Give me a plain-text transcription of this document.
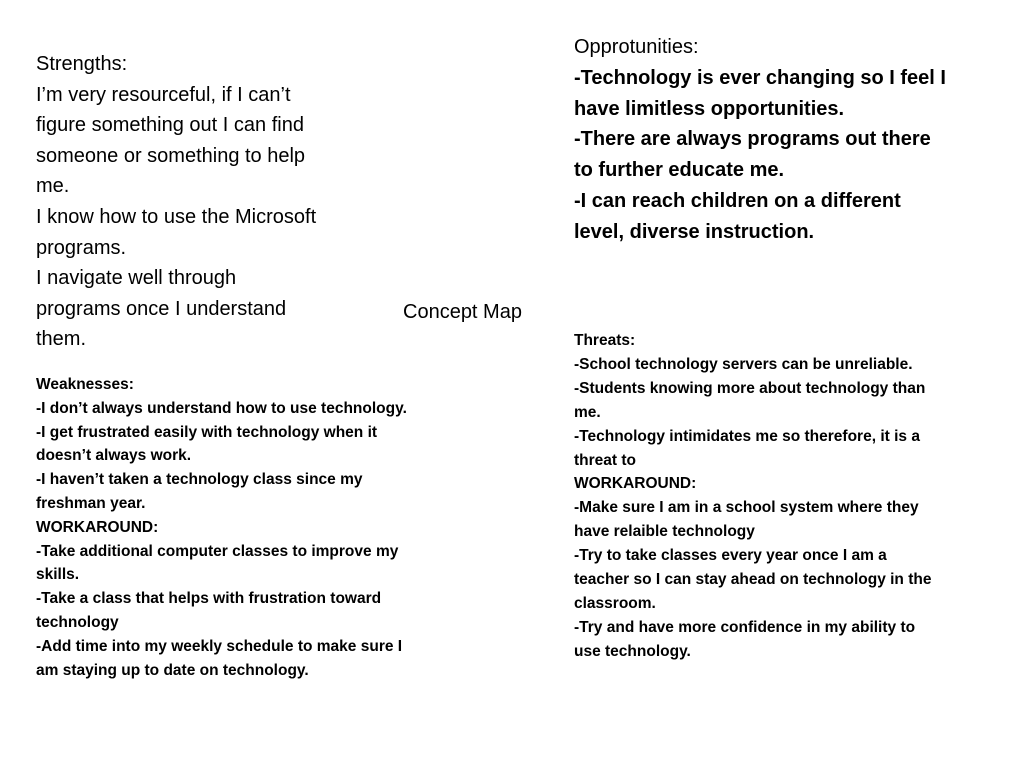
Strengths:
I’m very resourceful, if I can’t
figure something out I can find
someone or something to help
me.
I know how to use the Microsoft
programs.
I navigate well through
programs once I understand
them.
Opprotunities:
-Technology is ever changing so I feel I
have limitless opportunities.
-There are always programs out there
to further educate me.
-I can reach children on a different
level, diverse instruction.
Concept Map
Weaknesses:
-I don’t always understand how to use technology.
-I get frustrated easily with technology when it
doesn’t always work.
-I haven’t taken a technology class since my
freshman year.
WORKAROUND:
-Take additional computer classes to improve my
skills.
-Take a class that helps with frustration toward
technology
-Add time into my weekly schedule to make sure I
am staying up to date on technology.
Threats:
-School technology servers can be unreliable.
-Students knowing more about technology than
me.
-Technology intimidates me so therefore, it is a
threat to
WORKAROUND:
-Make sure I am in a school system where they
have relaible technology
-Try to take classes every year once I am a
teacher so I can stay ahead on technology in the
classroom.
-Try and have more confidence in my ability to
use technology.
